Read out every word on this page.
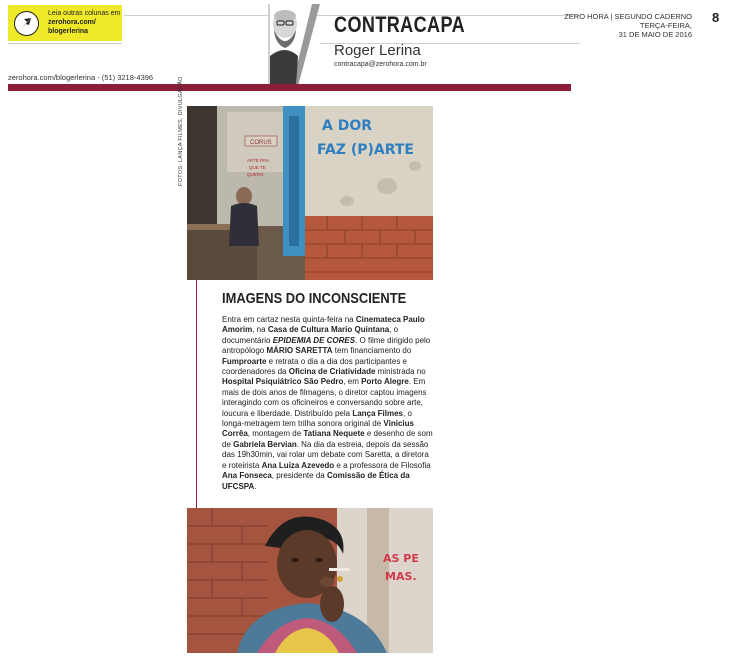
Leia outras colunas em
zerohora.com/
blogerlerina	CONTRACAPA
Roger Lerina
contracapa@zerohora.com.br
ZERO HORA | SEGUNDO CADERNO
TERÇA-FEIRA,
31 DE MAIO DE 2016
8
zerohora.com/blogerlerina - (51) 3218-4396
CORUS
ARTE PRA
QUE TE
QUERO
A DOR
FAZ (P)ARTE
FOTOS: LANÇA FILMES, DIVULGAÇÃO
IMAGENS DO INCONSCIENTE
Entra em cartaz nesta quinta-feira na Cinemateca Paulo Amorim, na Casa de Cultura Mario Quintana, o documentário EPIDEMIA DE CORES. O filme dirigido pelo antropólogo MÁRIO SARETTA tem financiamento do Fumproarte e retrata o dia a dia dos participantes e coordenadores da Oficina de Criatividade ministrada no Hospital Psiquiátrico São Pedro, em Porto Alegre. Em mais de dois anos de filmagens, o diretor captou imagens interagindo com os oficineiros e conversando sobre arte, loucura e liberdade. Distribuído pela Lança Filmes, o longa-metragem tem trilha sonora original de Vinicius Corrêa, montagem de Tatiana Nequete e desenho de som de Gabriela Bervian. Na dia da estreia, depois da sessão das 19h30min, vai rolar um debate com Saretta, a diretora e roteirista Ana Luiza Azevedo e a professora de Filosofia Ana Fonseca, presidente da Comissão de Ética da UFCSPA.
AS PE
MAS.
